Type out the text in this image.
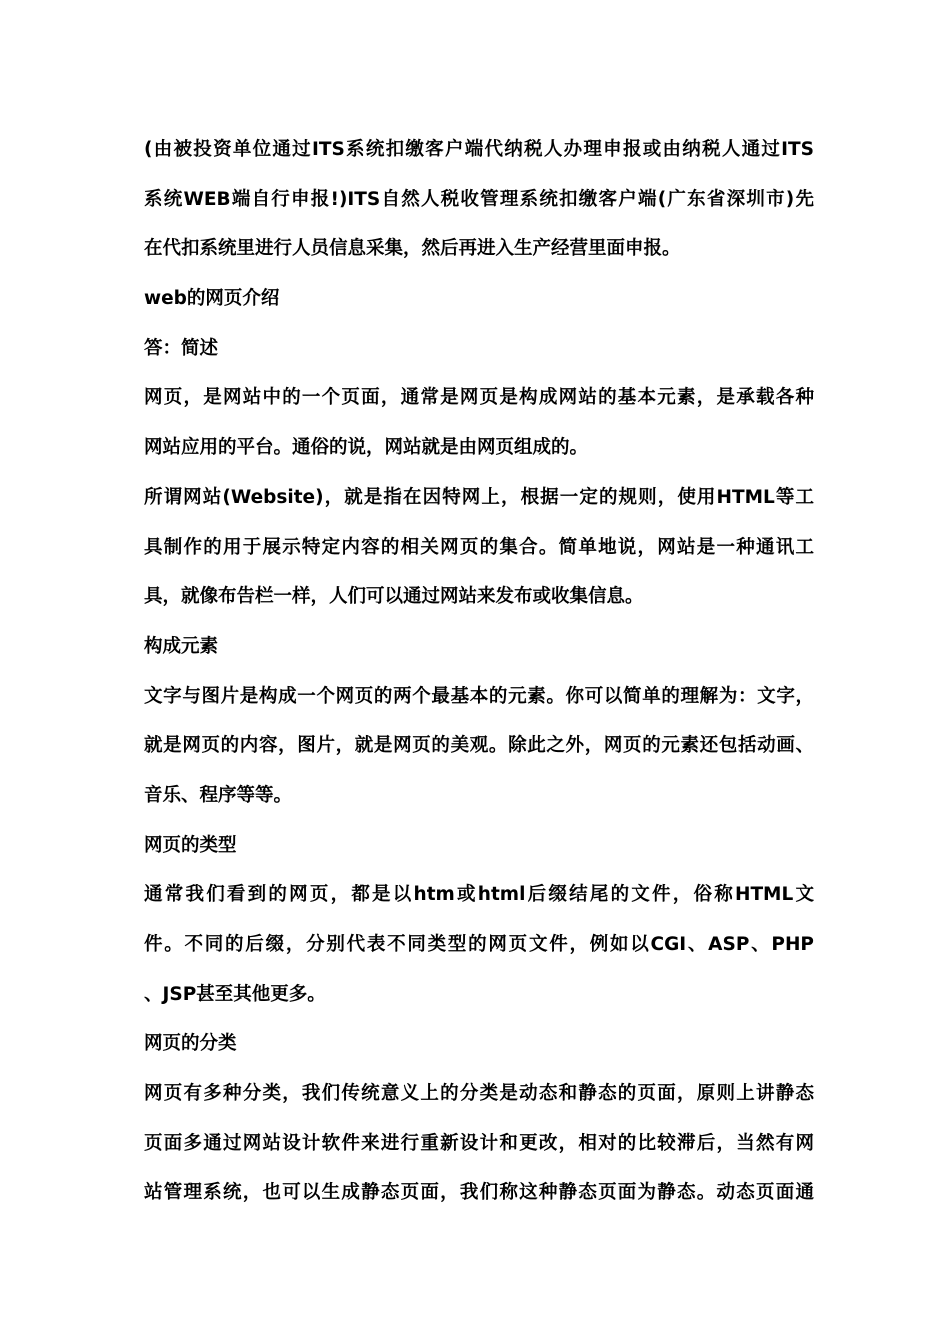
(由被投资单位通过ITS系统扣缴客户端代纳税人办理申报或由纳税人通过ITS
系统WEB端自行申报!)ITS自然人税收管理系统扣缴客户端(广东省深圳市)先
在代扣系统里进行人员信息采集，然后再进入生产经营里面申报。
web的网页介绍
答：简述
网页，是网站中的一个页面，通常是网页是构成网站的基本元素，是承载各种
网站应用的平台。通俗的说，网站就是由网页组成的。
所谓网站(Website)，就是指在因特网上，根据一定的规则，使用HTML等工
具制作的用于展示特定内容的相关网页的集合。简单地说，网站是一种通讯工
具，就像布告栏一样，人们可以通过网站来发布或收集信息。
构成元素
文字与图片是构成一个网页的两个最基本的元素。你可以简单的理解为：文字，
就是网页的内容，图片，就是网页的美观。除此之外，网页的元素还包括动画、
音乐、程序等等。
网页的类型
通常我们看到的网页，都是以htm或html后缀结尾的文件，俗称HTML文
件。不同的后缀，分别代表不同类型的网页文件，例如以CGI、ASP、PHP
、JSP甚至其他更多。
网页的分类
网页有多种分类，我们传统意义上的分类是动态和静态的页面，原则上讲静态
页面多通过网站设计软件来进行重新设计和更改，相对的比较滞后，当然有网
站管理系统，也可以生成静态页面，我们称这种静态页面为静态。动态页面通
